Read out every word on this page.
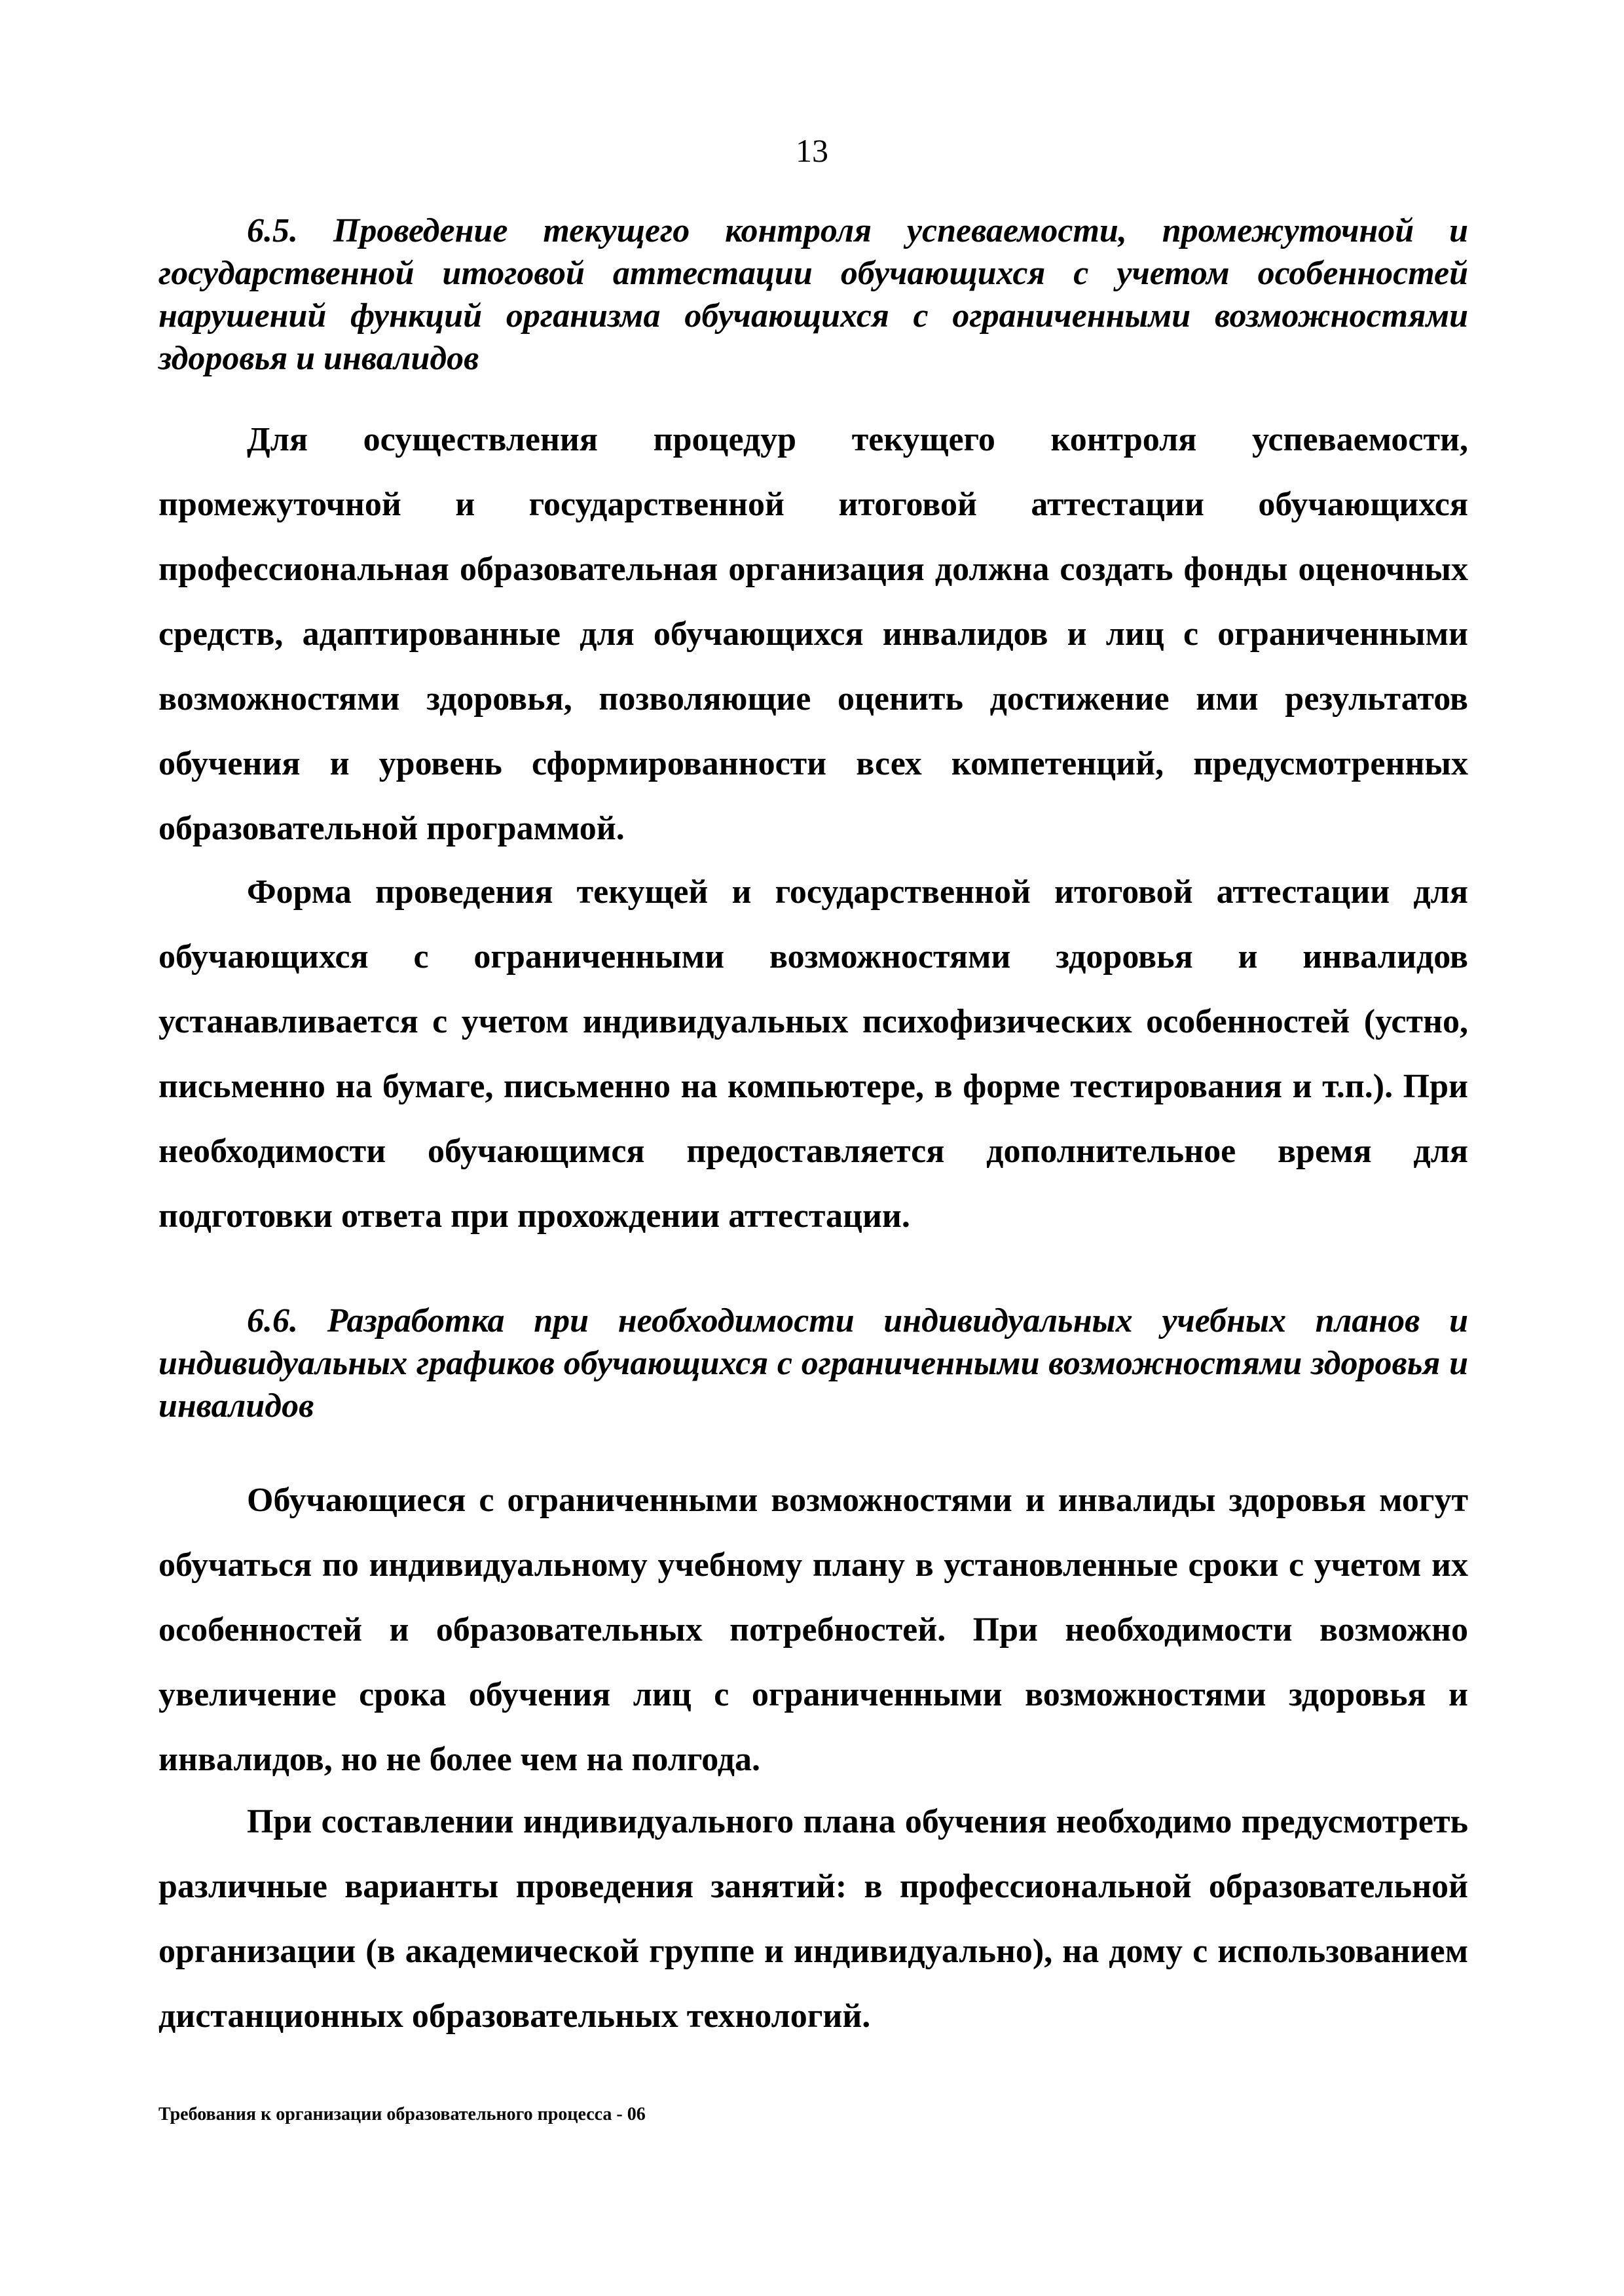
13

6.5. Проведение текущего контроля успеваемости, промежуточной и государственной итоговой аттестации обучающихся с учетом особенностей нарушений функций организма обучающихся с ограниченными возможностями здоровья и инвалидов

Для осуществления процедур текущего контроля успеваемости, промежуточной и государственной итоговой аттестации обучающихся профессиональная образовательная организация должна создать фонды оценочных средств, адаптированные для обучающихся инвалидов и лиц с ограниченными возможностями здоровья, позволяющие оценить достижение ими результатов обучения и уровень сформированности всех компетенций, предусмотренных образовательной программой.

Форма проведения текущей и государственной итоговой аттестации для обучающихся с ограниченными возможностями здоровья и инвалидов устанавливается с учетом индивидуальных психофизических особенностей (устно, письменно на бумаге, письменно на компьютере, в форме тестирования и т.п.). При необходимости обучающимся предоставляется дополнительное время для подготовки ответа при прохождении аттестации.

6.6. Разработка при необходимости индивидуальных учебных планов и индивидуальных графиков обучающихся с ограниченными возможностями здоровья и инвалидов

Обучающиеся с ограниченными возможностями и инвалиды здоровья могут обучаться по индивидуальному учебному плану в установленные сроки с учетом их особенностей и образовательных потребностей. При необходимости возможно увеличение срока обучения лиц с ограниченными возможностями здоровья и инвалидов, но не более чем на полгода.

При составлении индивидуального плана обучения необходимо предусмотреть различные варианты проведения занятий: в профессиональной образовательной организации (в академической группе и индивидуально), на дому с использованием дистанционных образовательных технологий.

Требования к организации образовательного процесса - 06
